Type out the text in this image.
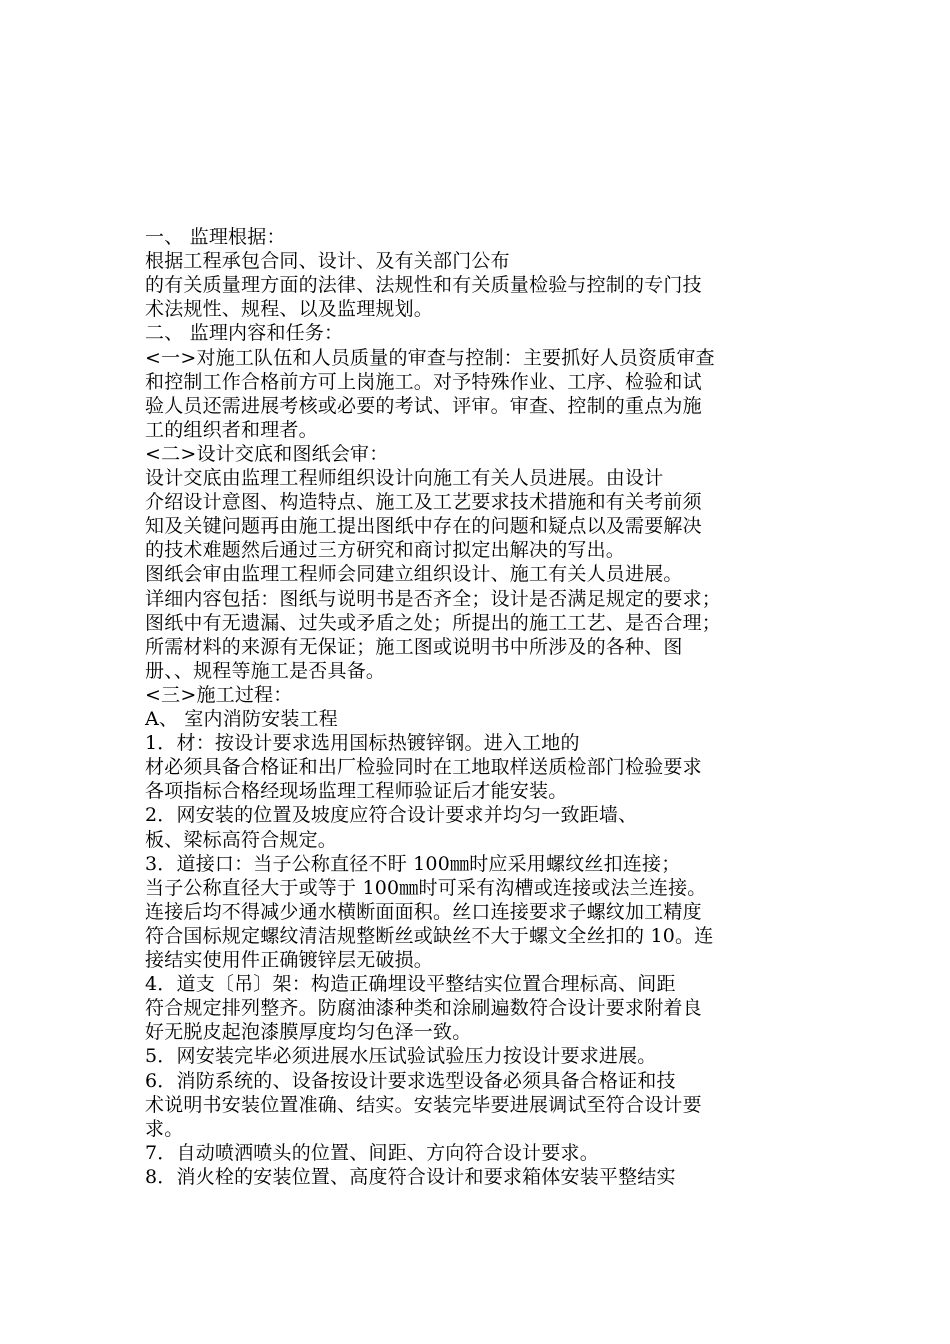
一、 监理根据：
根据工程承包合同、设计、及有关部门公布
的有关质量理方面的法律、法规性和有关质量检验与控制的专门技
术法规性、规程、以及监理规划。
二、 监理内容和任务：
<一>对施工队伍和人员质量的审查与控制：主要抓好人员资质审查
和控制工作合格前方可上岗施工。对予特殊作业、工序、检验和试
验人员还需进展考核或必要的考试、评审。审查、控制的重点为施
工的组织者和理者。
<二>设计交底和图纸会审：
设计交底由监理工程师组织设计向施工有关人员进展。由设计
介绍设计意图、构造特点、施工及工艺要求技术措施和有关考前须
知及关键问题再由施工提出图纸中存在的问题和疑点以及需要解决
的技术难题然后通过三方研究和商讨拟定出解决的写出。
图纸会审由监理工程师会同建立组织设计、施工有关人员进展。
详细内容包括：图纸与说明书是否齐全；设计是否满足规定的要求；
图纸中有无遗漏、过失或矛盾之处；所提出的施工工艺、是否合理；
所需材料的来源有无保证；施工图或说明书中所涉及的各种、图
册、、规程等施工是否具备。
<三>施工过程：
A、 室内消防安装工程
1．材：按设计要求选用国标热镀锌钢。进入工地的
材必须具备合格证和出厂检验同时在工地取样送质检部门检验要求
各项指标合格经现场监理工程师验证后才能安装。
2．网安装的位置及坡度应符合设计要求并均匀一致距墙、
板、梁标高符合规定。
3．道接口：当子公称直径不盱 100㎜时应采用螺纹丝扣连接；
当子公称直径大于或等于 100㎜时可采有沟槽或连接或法兰连接。
连接后均不得减少通水横断面面积。丝口连接要求子螺纹加工精度
符合国标规定螺纹清洁规整断丝或缺丝不大于螺文全丝扣的 10。连
接结实使用件正确镀锌层无破损。
4．道支〔吊〕架：构造正确埋设平整结实位置合理标高、间距
符合规定排列整齐。防腐油漆种类和涂刷遍数符合设计要求附着良
好无脱皮起泡漆膜厚度均匀色泽一致。
5．网安装完毕必须进展水压试验试验压力按设计要求进展。
6．消防系统的、设备按设计要求选型设备必须具备合格证和技
术说明书安装位置准确、结实。安装完毕要进展调试至符合设计要
求。
7．自动喷洒喷头的位置、间距、方向符合设计要求。
8．消火栓的安装位置、高度符合设计和要求箱体安装平整结实
